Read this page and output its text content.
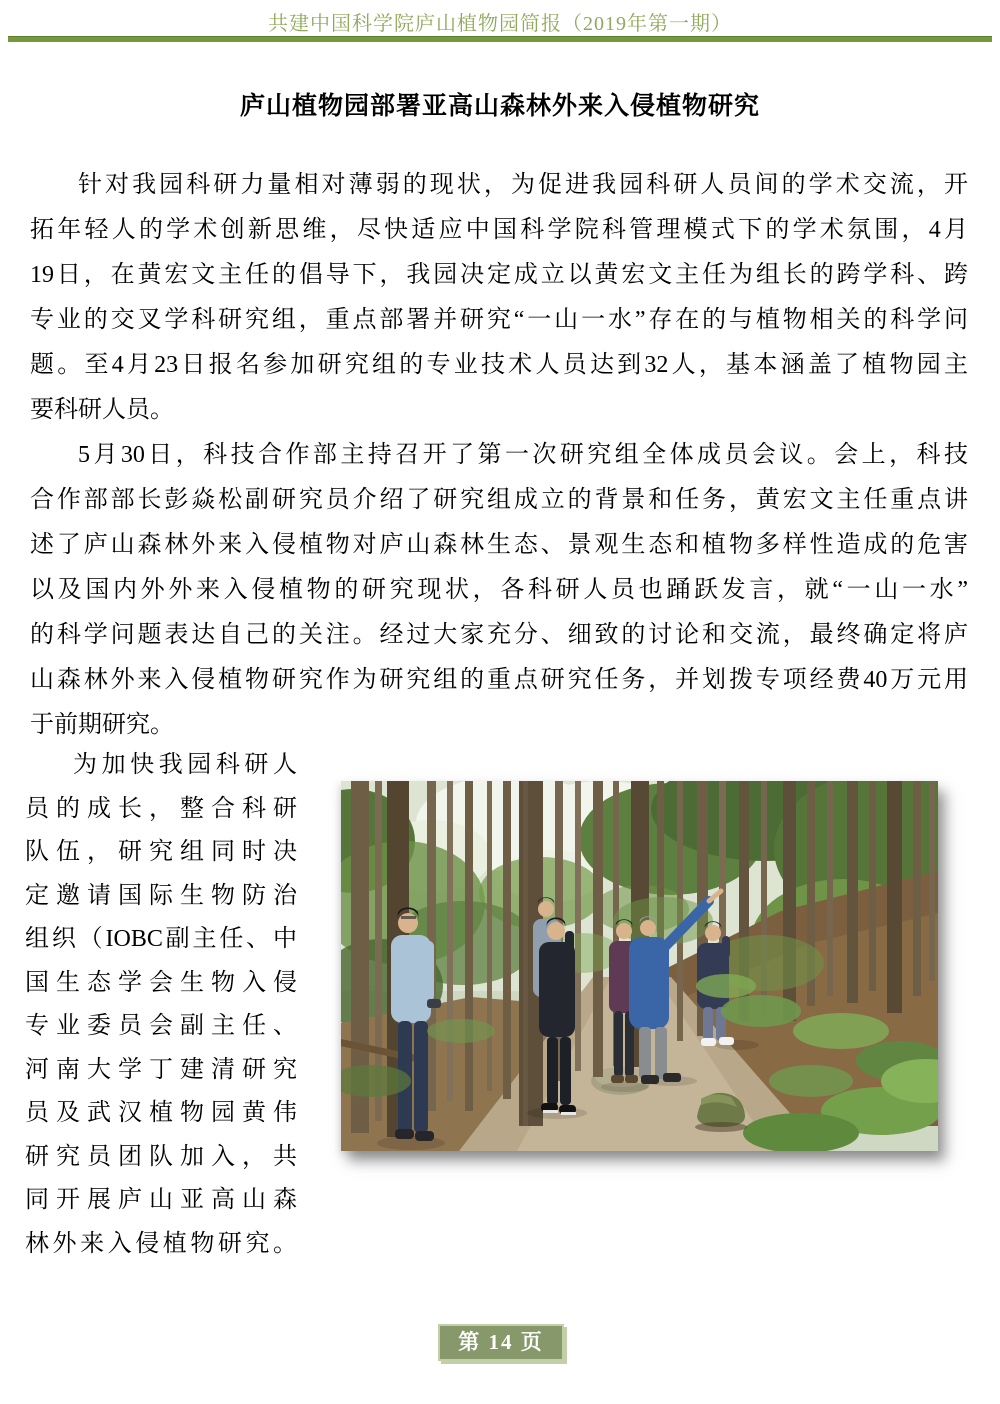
共建中国科学院庐山植物园简报（2019年第一期）
庐山植物园部署亚高山森林外来入侵植物研究
针对我园科研力量相对薄弱的现状，为促进我园科研人员间的学术交流，开
拓年轻人的学术创新思维，尽快适应中国科学院科管理模式下的学术氛围，4月
19日，在黄宏文主任的倡导下，我园决定成立以黄宏文主任为组长的跨学科、跨
专业的交叉学科研究组，重点部署并研究“一山一水”存在的与植物相关的科学问
题。至4月23日报名参加研究组的专业技术人员达到32人，基本涵盖了植物园主
要科研人员。
5月30日，科技合作部主持召开了第一次研究组全体成员会议。会上，科技
合作部部长彭焱松副研究员介绍了研究组成立的背景和任务，黄宏文主任重点讲
述了庐山森林外来入侵植物对庐山森林生态、景观生态和植物多样性造成的危害
以及国内外外来入侵植物的研究现状，各科研人员也踊跃发言，就“一山一水”
的科学问题表达自己的关注。经过大家充分、细致的讨论和交流，最终确定将庐
山森林外来入侵植物研究作为研究组的重点研究任务，并划拨专项经费40万元用
于前期研究。
为加快我园科研人
员的成长，整合科研
队伍，研究组同时决
定邀请国际生物防治
组织（IOBC副主任、中
国生态学会生物入侵
专业委员会副主任、
河南大学丁建清研究
员及武汉植物园黄伟
研究员团队加入，共
同开展庐山亚高山森
林外来入侵植物研究。
第 14 页
